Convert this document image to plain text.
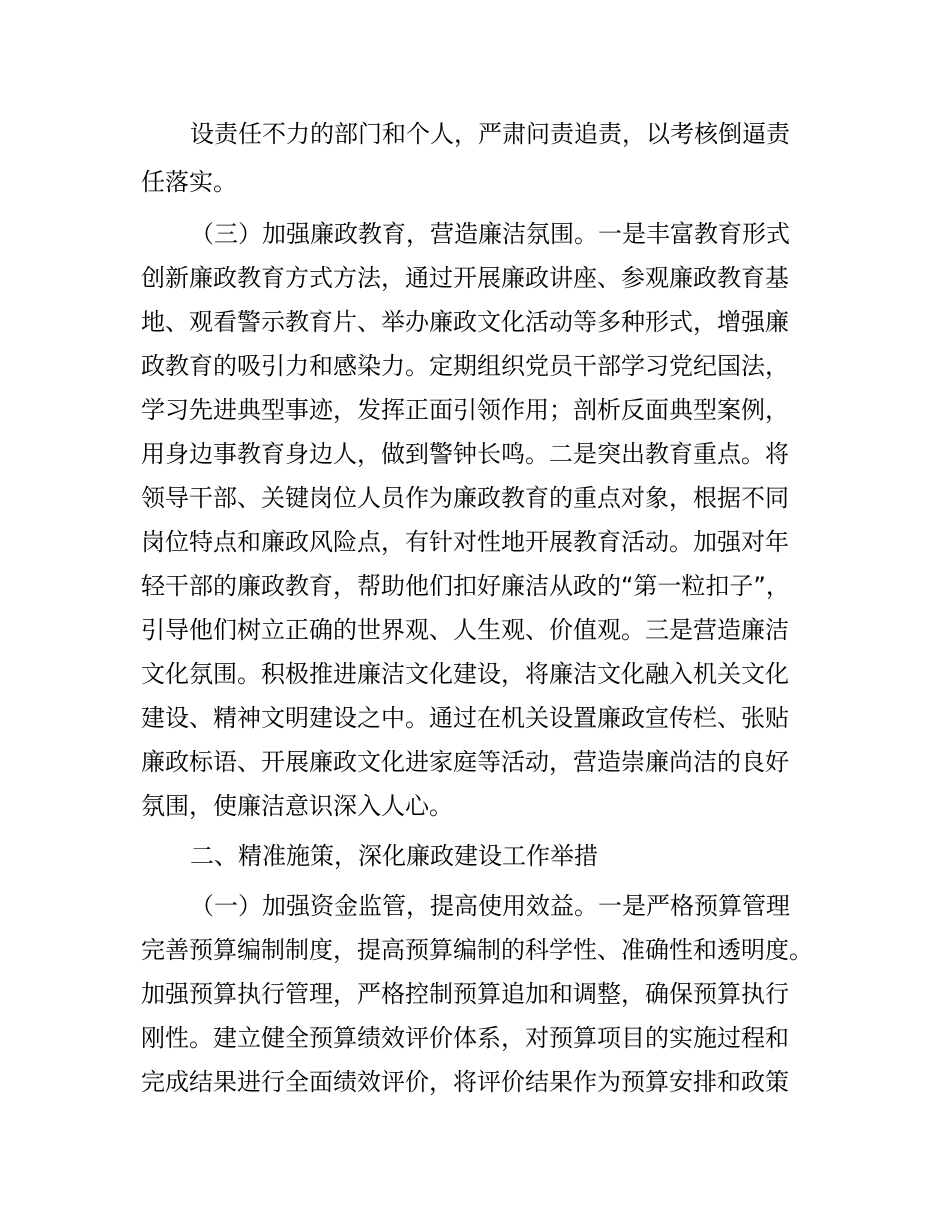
设责任不力的部门和个人，严肃问责追责，以考核倒逼责

任落实。

（三）加强廉政教育，营造廉洁氛围。一是丰富教育形式

创新廉政教育方式方法，通过开展廉政讲座、参观廉政教育基

地、观看警示教育片、举办廉政文化活动等多种形式，增强廉

政教育的吸引力和感染力。定期组织党员干部学习党纪国法，

学习先进典型事迹，发挥正面引领作用；剖析反面典型案例，

用身边事教育身边人，做到警钟长鸣。二是突出教育重点。将

领导干部、关键岗位人员作为廉政教育的重点对象，根据不同

岗位特点和廉政风险点，有针对性地开展教育活动。加强对年

轻干部的廉政教育，帮助他们扣好廉洁从政的“第一粒扣子”，

引导他们树立正确的世界观、人生观、价值观。三是营造廉洁

文化氛围。积极推进廉洁文化建设，将廉洁文化融入机关文化

建设、精神文明建设之中。通过在机关设置廉政宣传栏、张贴

廉政标语、开展廉政文化进家庭等活动，营造崇廉尚洁的良好

氛围，使廉洁意识深入人心。

二、精准施策，深化廉政建设工作举措

（一）加强资金监管，提高使用效益。一是严格预算管理

完善预算编制制度，提高预算编制的科学性、准确性和透明度。

加强预算执行管理，严格控制预算追加和调整，确保预算执行

刚性。建立健全预算绩效评价体系，对预算项目的实施过程和

完成结果进行全面绩效评价，将评价结果作为预算安排和政策
